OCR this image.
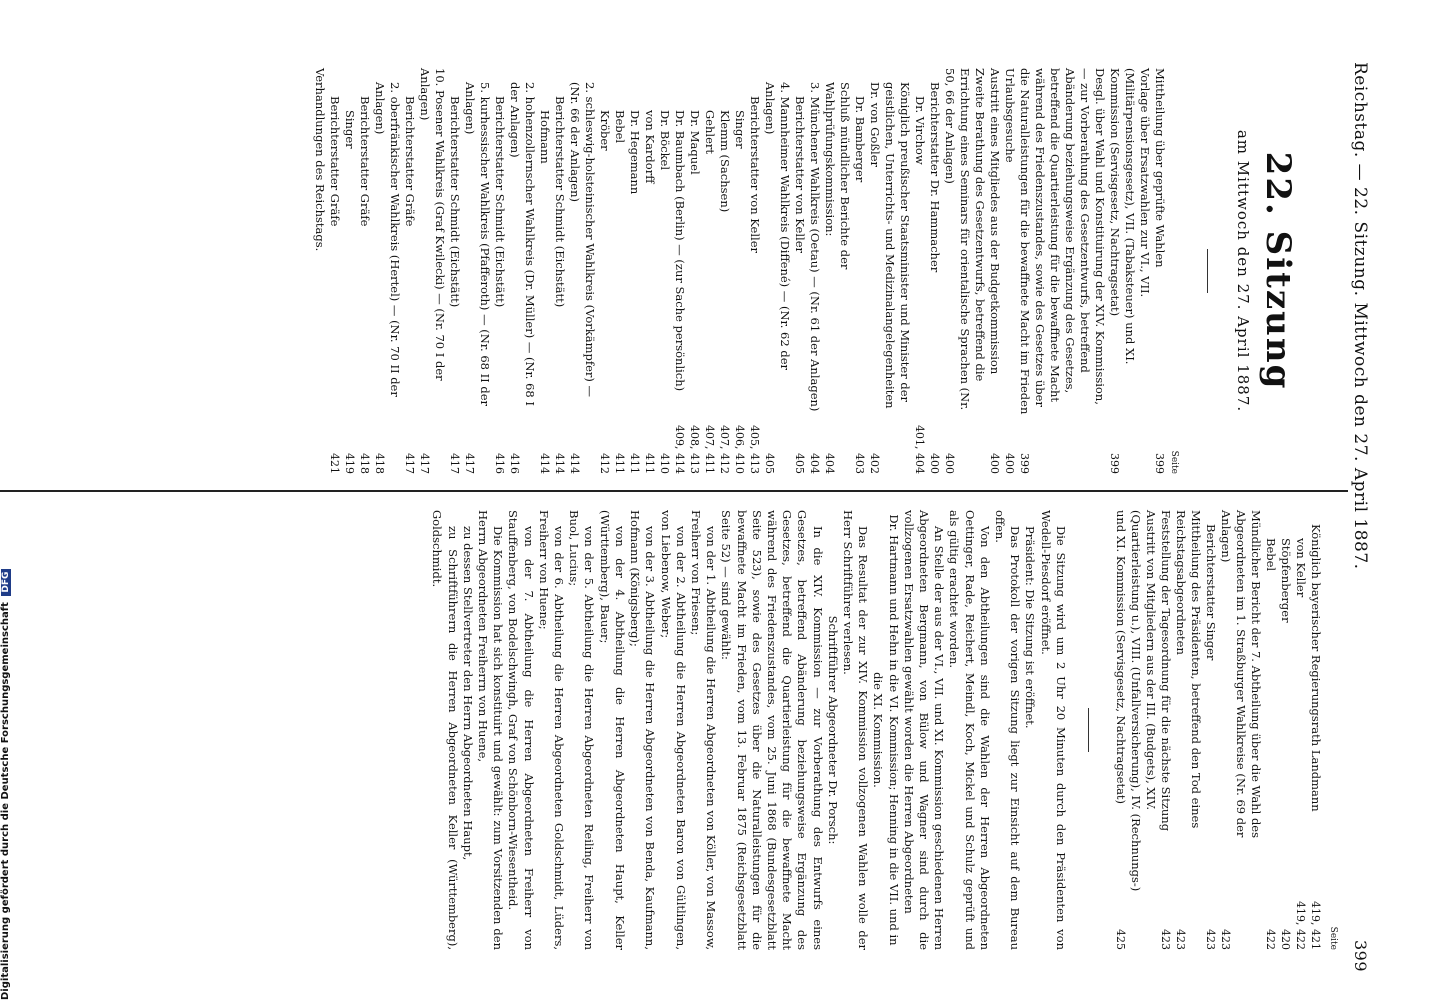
Reichstag. — 22. Sitzung. Mittwoch den 27. April 1887.
399
22. Sitzung
am Mittwoch den 27. April 1887.
Seite
Mittheilung über geprüfte Wahlen
399
Vorlage über Ersatzwahlen zur VI., VII. (Militärpensionsgesetz), VII. (Tabaksteuer) und XI. Kommission (Servisgesetz, Nachtragsetat)
399
Desgl. über Wahl und Konstituirung der XIV. Kommission, — zur Vorberathung des Gesetzentwurfs, betreffend Abänderung beziehungsweise Ergänzung des Gesetzes, betreffend die Quartierleistung für die bewaffnete Macht während des Friedenszustandes, sowie des Gesetzes über die Naturalleistungen für die bewaffnete Macht im Frieden
399
Urlaubsgesuche
400
Austritt eines Mitgliedes aus der Budgetkommission
400
Zweite Berathung des Gesetzentwurfs, betreffend die Errichtung eines Seminars für orientalische Sprachen (Nr. 50, 66 der Anlagen)
400
Berichterstatter Dr. Hammacher
400
Dr. Virchow
401, 404
Königlich preußischer Staatsminister und Minister der geistlichen, Unterrichts- und Medizinalangelegenheiten Dr. von Goßler
402
Dr. Bamberger
403
Schluß mündlicher Berichte der Wahlprüfungskommission:
404
3. Münchener Wahlkreis (Oetau) — (Nr. 61 der Anlagen)
404
Berichterstatter von Keller
405
4. Mannheimer Wahlkreis (Diffené) — (Nr. 62 der Anlagen)
405
Berichterstatter von Keller
405, 413
Singer
406, 410
Klemm (Sachsen)
407, 412
Gehlert
407, 411
Dr. Maquel
408, 413
Dr. Baumbach (Berlin) — (zur Sache persönlich)
409, 414
Dr. Böckel
410
von Kardorff
411
Dr. Hegemann
411
Bebel
411
Kröber
412
2. schleswig-holsteinischer Wahlkreis (Vorkämpfer) — (Nr. 66 der Anlagen)
414
Berichterstatter Schmidt (Eichstätt)
414
Hofmann
414
2. hohenzollernscher Wahlkreis (Dr. Müller) — (Nr. 68 I der Anlagen)
416
Berichterstatter Schmidt (Eichstätt)
416
5. kurhessischer Wahlkreis (Pfafferoth) — (Nr. 68 II der Anlagen)
417
Berichterstatter Schmidt (Eichstätt)
417
10. Posener Wahlkreis (Graf Kwilecki) — (Nr. 70 I der Anlagen)
417
Berichterstatter Gräfe
417
2. oberfränkischer Wahlkreis (Hertel) — (Nr. 70 II der Anlagen)
418
Berichterstatter Gräfe
418
Singer
419
Berichterstatter Gräfe
421
Verhandlungen des Reichstags.
Seite
Königlich bayerischer Regierungsrath Landmann
419, 421
von Keller
419, 422
Stöpfenberger
420
Bebel
422
Mündlicher Bericht der 7. Abtheilung über die Wahl des Abgeordneten im 1. Straßburger Wahlkreise (Nr. 69 der Anlagen)
423
Berichterstatter Singer
423
Mittheilung des Präsidenten, betreffend den Tod eines Reichstagsabgeordneten
423
Feststellung der Tagesordnung für die nächste Sitzung
423
Austritt von Mitgliedern aus der III. (Budgets), XIV. (Quartierleistung u.), VIII. (Unfallversicherung), IV. (Rechnungs-) und XI. Kommission (Servisgesetz, Nachtragsetat)
425

Die Sitzung wird um 2 Uhr 20 Minuten durch den Präsidenten von Wedell-Piesdorf eröffnet.

Präsident: Die Sitzung ist eröffnet.

Das Protokoll der vorigen Sitzung liegt zur Einsicht auf dem Bureau offen.

Von den Abtheilungen sind die Wahlen der Herren Abgeordneten Oettinger, Rade, Reichert, Meindl, Koch, Mickel und Schulz geprüft und als gültig erachtet worden.

An Stelle der aus der VI., VII. und XI. Kommission geschiedenen Herren Abgeordneten Bergmann, von Bülow und Wagner sind durch die vollzogenen Ersatzwahlen gewählt worden die Herren Abgeordneten

Dr. Hartmann und Hehn in die VI. Kommission; Henning in die VII. und in die XI. Kommission.

Das Resultat der zur XIV. Kommission vollzogenen Wahlen wolle der Herr Schriftführer verlesen.

Schriftführer Abgeordneter Dr. Porsch:

In die XIV. Kommission — zur Vorberathung des Entwurfs eines Gesetzes, betreffend Abänderung beziehungsweise Ergänzung des Gesetzes, betreffend die Quartierleistung für die bewaffnete Macht während des Friedenszustandes, vom 25. Juni 1868 (Bundesgesetzblatt Seite 523), sowie des Gesetzes über die Naturalleistungen für die bewaffnete Macht im Frieden, vom 13. Februar 1875 (Reichsgesetzblatt Seite 52) — sind gewählt:

von der 1. Abtheilung die Herren Abgeordneten von Köller, von Massow, Freiherr von Friesen;

von der 2. Abtheilung die Herren Abgeordneten Baron von Gültlingen, von Liebenow, Weber;

von der 3. Abtheilung die Herren Abgeordneten von Benda, Kaufmann, Hofmann (Königsberg);

von der 4. Abtheilung die Herren Abgeordneten Haupt, Keller (Württemberg), Bauer;

von der 5. Abtheilung die Herren Abgeordneten Reiling, Freiherr von Buol, Lucius;

von der 6. Abtheilung die Herren Abgeordneten Goldschmidt, Lüders, Freiherr von Huene;

von der 7. Abtheilung die Herren Abgeordneten Freiherr von Stauffenberg, von Bodelschwingh, Graf von Schönborn-Wiesentheid.

Die Kommission hat sich konstituirt und gewählt: zum Vorsitzenden den Herrn Abgeordneten Freiherrn von Huene,

zu dessen Stellvertreter den Herrn Abgeordneten Haupt,

zu Schriftführern die Herren Abgeordneten Keller (Württemberg), Goldschmidt.

Digitalisierung gefördert durch die Deutsche Forschungsgemeinschaft DFG
